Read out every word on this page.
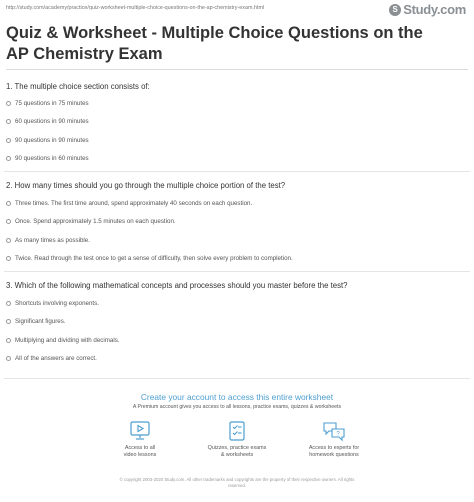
http://study.com/academy/practice/quiz-worksheet-multiple-choice-questions-on-the-ap-chemistry-exam.html	S Study.com
Quiz & Worksheet - Multiple Choice Questions on the AP Chemistry Exam
1. The multiple choice section consists of:
75 questions in 75 minutes
60 questions in 90 minutes
90 questions in 90 minutes
90 questions in 60 minutes
2. How many times should you go through the multiple choice portion of the test?
Three times. The first time around, spend approximately 40 seconds on each question.
Once. Spend approximately 1.5 minutes on each question.
As many times as possible.
Twice. Read through the test once to get a sense of difficulty, then solve every problem to completion.
3. Which of the following mathematical concepts and processes should you master before the test?
Shortcuts involving exponents.
Significant figures.
Multiplying and dividing with decimals.
All of the answers are correct.
Create your account to access this entire worksheet
A Premium account gives you access to all lessons, practice exams, quizzes & worksheets
Access to all
video lessons
Quizzes, practice exams
& worksheets
?
Access to experts for
homework questions
© copyright 2003-2020 Study.com. All other trademarks and copyrights are the property of their respective owners. All rights
reserved.
